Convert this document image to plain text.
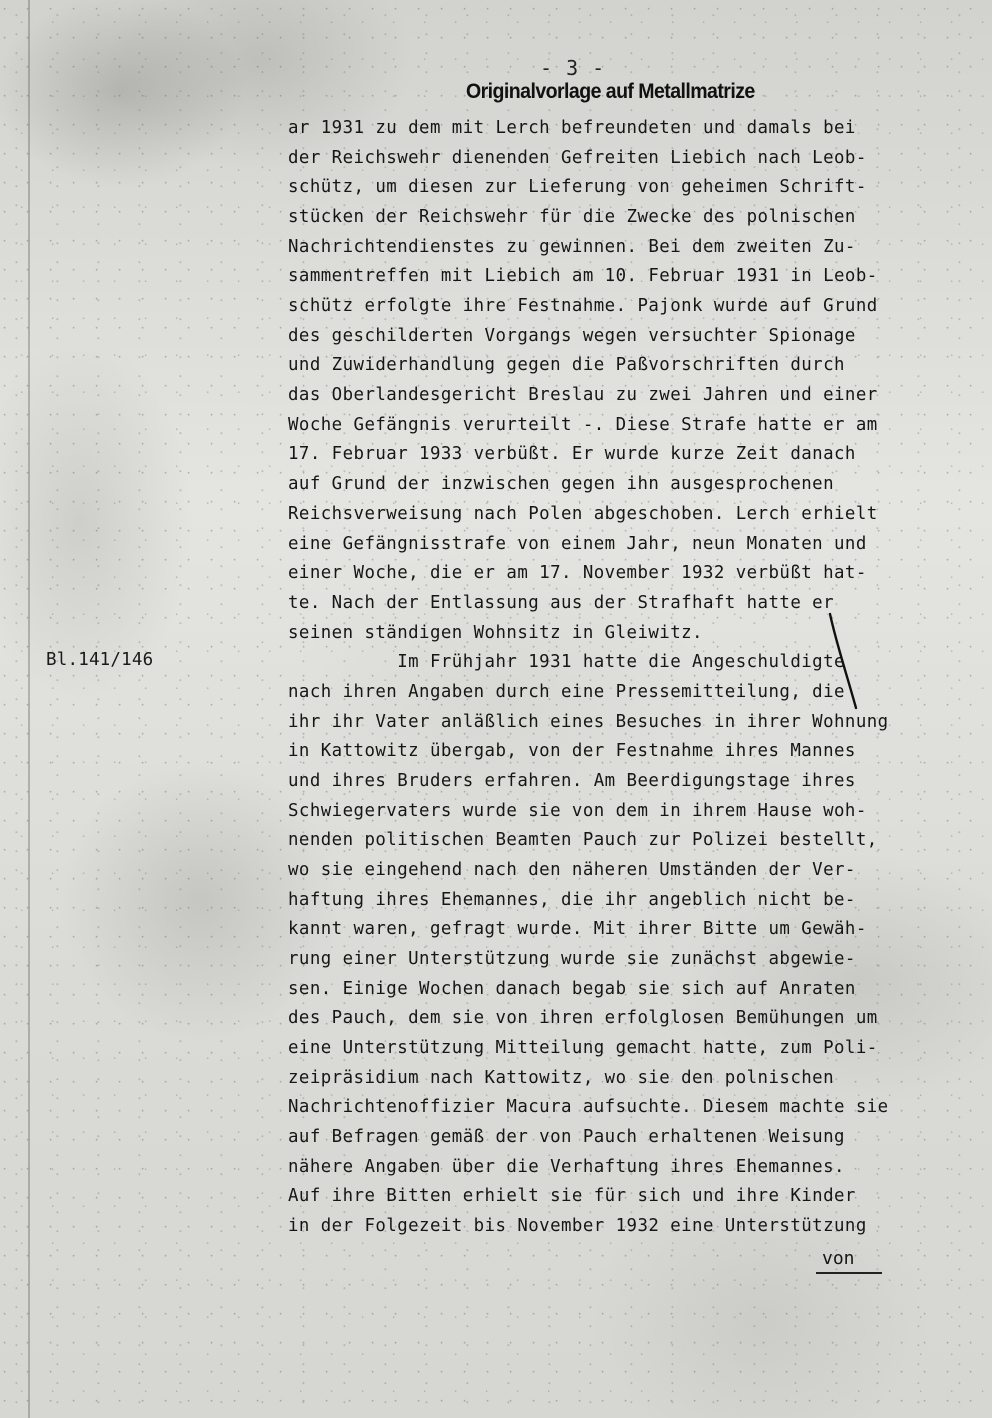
- 3 -
Originalvorlage auf Metallmatrize
Bl.141/146
ar 1931 zu dem mit Lerch befreundeten und damals bei
der Reichswehr dienenden Gefreiten Liebich nach Leob-
schütz, um diesen zur Lieferung von geheimen Schrift-
stücken der Reichswehr für die Zwecke des polnischen
Nachrichtendienstes zu gewinnen. Bei dem zweiten Zu-
sammentreffen mit Liebich am 10. Februar 1931 in Leob-
schütz erfolgte ihre Festnahme. Pajonk wurde auf Grund
des geschilderten Vorgangs wegen versuchter Spionage
und Zuwiderhandlung gegen die Paßvorschriften durch
das Oberlandesgericht Breslau zu zwei Jahren und einer
Woche Gefängnis verurteilt -. Diese Strafe hatte er am
17. Februar 1933 verbüßt. Er wurde kurze Zeit danach
auf Grund der inzwischen gegen ihn ausgesprochenen
Reichsverweisung nach Polen abgeschoben. Lerch erhielt
eine Gefängnisstrafe von einem Jahr, neun Monaten und
einer Woche, die er am 17. November 1932 verbüßt hat-
te. Nach der Entlassung aus der Strafhaft hatte er
seinen ständigen Wohnsitz in Gleiwitz.
Im Frühjahr 1931 hatte die Angeschuldigte
nach ihren Angaben durch eine Pressemitteilung, die
ihr ihr Vater anläßlich eines Besuches in ihrer Wohnung
in Kattowitz übergab, von der Festnahme ihres Mannes
und ihres Bruders erfahren. Am Beerdigungstage ihres
Schwiegervaters wurde sie von dem in ihrem Hause woh-
nenden politischen Beamten Pauch zur Polizei bestellt,
wo sie eingehend nach den näheren Umständen der Ver-
haftung ihres Ehemannes, die ihr angeblich nicht be-
kannt waren, gefragt wurde. Mit ihrer Bitte um Gewäh-
rung einer Unterstützung wurde sie zunächst abgewie-
sen. Einige Wochen danach begab sie sich auf Anraten
des Pauch, dem sie von ihren erfolglosen Bemühungen um
eine Unterstützung Mitteilung gemacht hatte, zum Poli-
zeipräsidium nach Kattowitz, wo sie den polnischen
Nachrichtenoffizier Macura aufsuchte. Diesem machte sie
auf Befragen gemäß der von Pauch erhaltenen Weisung
nähere Angaben über die Verhaftung ihres Ehemannes.
Auf ihre Bitten erhielt sie für sich und ihre Kinder
in der Folgezeit bis November 1932 eine Unterstützung
von
